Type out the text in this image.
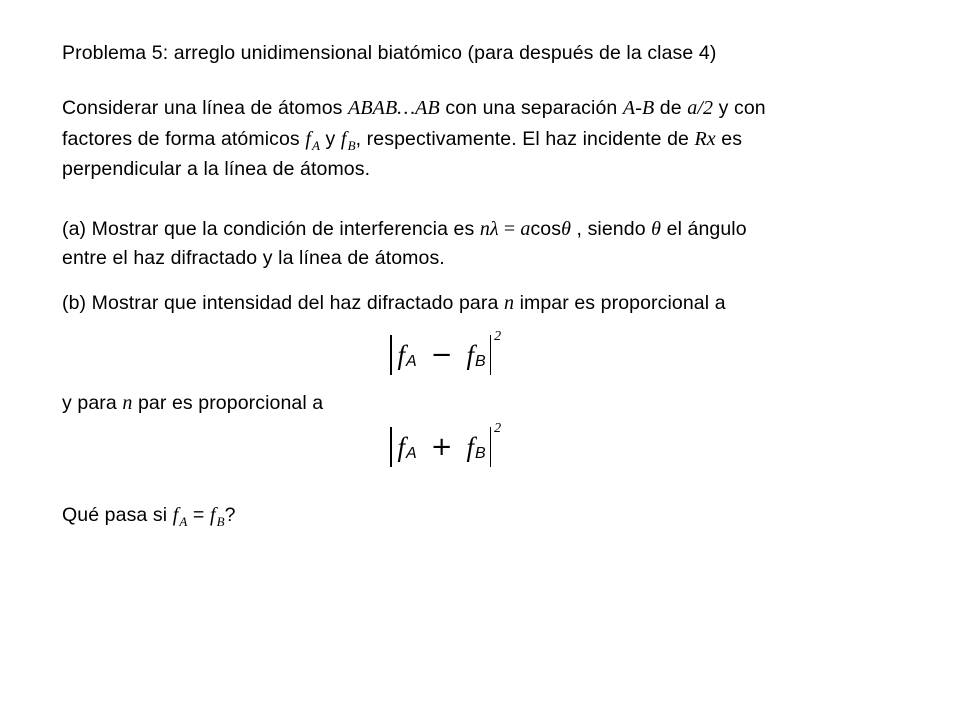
Problema 5: arreglo unidimensional biatómico (para después de la clase 4)

Considerar una línea de átomos ABAB…AB con una separación A-B de a/2 y con

factores de forma atómicos $f_A$ y $f_B$, respectivamente. El haz incidente de Rx es

perpendicular a la línea de átomos.

(a) Mostrar que la condición de interferencia es nλ = acosθ , siendo θ el ángulo

entre el haz difractado y la línea de átomos.

(b) Mostrar que intensidad del haz difractado para n impar es proporcional a

f A − f B
2

y para n par es proporcional a

f A + f B
2

Qué pasa si $f_A = f_B$?
